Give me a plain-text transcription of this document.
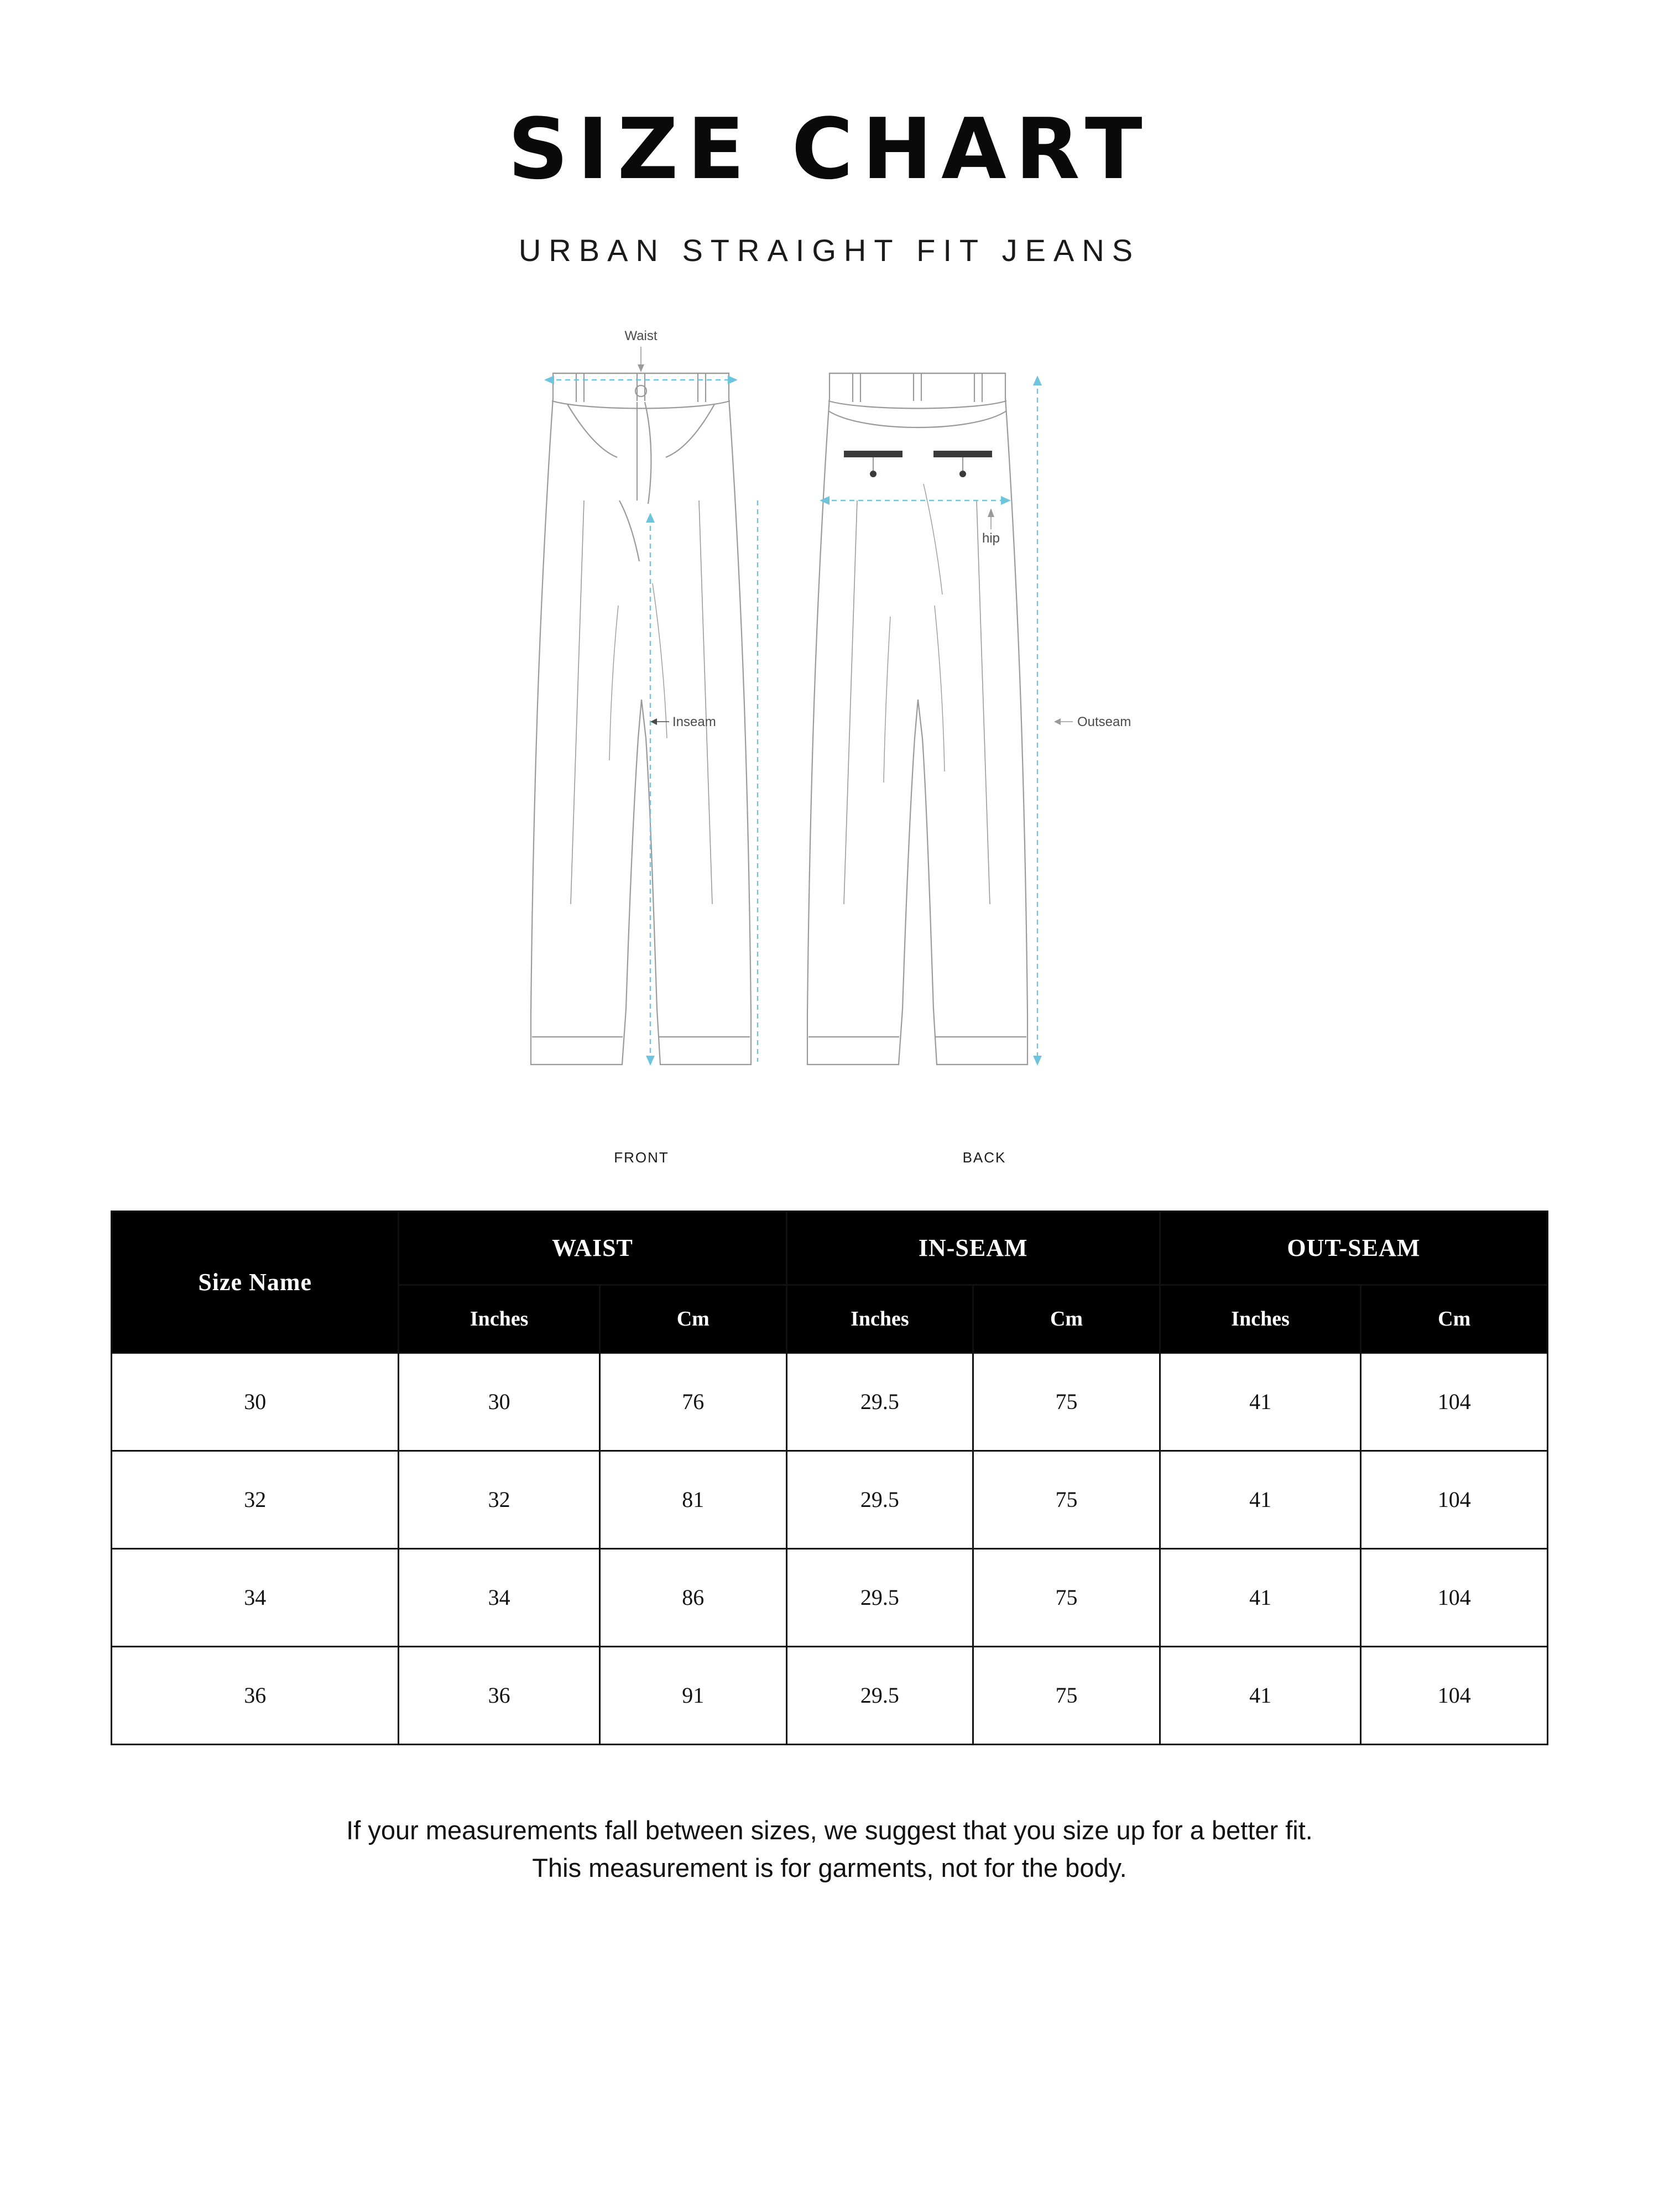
SIZE CHART
URBAN STRAIGHT FIT JEANS
Waist
Inseam
FRONT
hip
Outseam
BACK
Size Name	WAIST		IN-SEAM		OUT-SEAM	
	Inches	Cm	Inches	Cm	Inches	Cm
30	30	76	29.5	75	41	104
32	32	81	29.5	75	41	104
34	34	86	29.5	75	41	104
36	36	91	29.5	75	41	104
If your measurements fall between sizes, we suggest that you size up for a better fit.
This measurement is for garments, not for the body.
